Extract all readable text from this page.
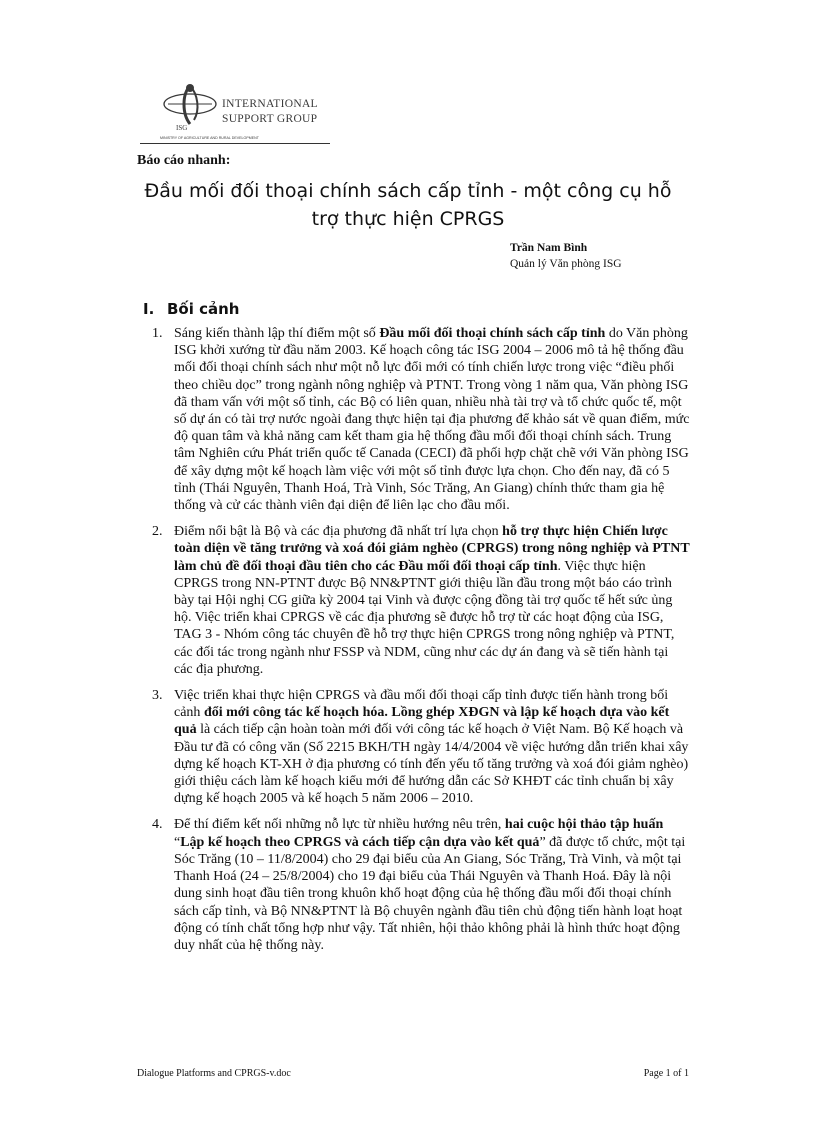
ISG
INTERNATIONAL
SUPPORT GROUP
MINISTRY OF AGRICULTURE AND RURAL DEVELOPMENT
Báo cáo nhanh:
Đầu mối đối thoại chính sách cấp tỉnh - một công cụ hỗ trợ thực hiện CPRGS
Trần Nam Bình
Quản lý Văn phòng ISG
I. Bối cảnh
1. Sáng kiến thành lập thí điểm một số Đầu mối đối thoại chính sách cấp tỉnh do Văn phòng ISG khởi xướng từ đầu năm 2003. Kế hoạch công tác ISG 2004 – 2006 mô tả hệ thống đầu mối đối thoại chính sách như một nỗ lực đổi mới có tính chiến lược trong việc “điều phối theo chiều dọc” trong ngành nông nghiệp và PTNT. Trong vòng 1 năm qua, Văn phòng ISG đã tham vấn với một số tỉnh, các Bộ có liên quan, nhiều nhà tài trợ và tổ chức quốc tế, một số dự án có tài trợ nước ngoài đang thực hiện tại địa phương để khảo sát về quan điểm, mức độ quan tâm và khả năng cam kết tham gia hệ thống đầu mối đối thoại chính sách. Trung tâm Nghiên cứu Phát triển quốc tế Canada (CECI) đã phối hợp chặt chẽ với Văn phòng ISG để xây dựng một kế hoạch làm việc với một số tỉnh được lựa chọn. Cho đến nay, đã có 5 tỉnh (Thái Nguyên, Thanh Hoá, Trà Vinh, Sóc Trăng, An Giang) chính thức tham gia hệ thống và cử các thành viên đại diện để liên lạc cho đầu mối.
2. Điểm nổi bật là Bộ và các địa phương đã nhất trí lựa chọn hỗ trợ thực hiện Chiến lược toàn diện về tăng trưởng và xoá đói giảm nghèo (CPRGS) trong nông nghiệp và PTNT làm chủ đề đối thoại đầu tiên cho các Đầu mối đối thoại cấp tỉnh. Việc thực hiện CPRGS trong NN-PTNT được Bộ NN&PTNT giới thiệu lần đầu trong một báo cáo trình bày tại Hội nghị CG giữa kỳ 2004 tại Vinh và được cộng đồng tài trợ quốc tế hết sức ủng hộ. Việc triển khai CPRGS về các địa phương sẽ được hỗ trợ từ các hoạt động của ISG, TAG 3 - Nhóm công tác chuyên đề hỗ trợ thực hiện CPRGS trong nông nghiệp và PTNT, các đối tác trong ngành như FSSP và NDM, cũng như các dự án đang và sẽ tiến hành tại các địa phương.
3. Việc triển khai thực hiện CPRGS và đầu mối đối thoại cấp tỉnh được tiến hành trong bối cảnh đổi mới công tác kế hoạch hóa. Lồng ghép XĐGN và lập kế hoạch dựa vào kết quả là cách tiếp cận hoàn toàn mới đối với công tác kế hoạch ở Việt Nam. Bộ Kế hoạch và Đầu tư đã có công văn (Số 2215 BKH/TH ngày 14/4/2004 về việc hướng dẫn triển khai xây dựng kế hoạch KT-XH ở địa phương có tính đến yếu tố tăng trưởng và xoá đói giảm nghèo) giới thiệu cách làm kế hoạch kiểu mới để hướng dẫn các Sở KHĐT các tỉnh chuẩn bị xây dựng kế hoạch 2005 và kế hoạch 5 năm 2006 – 2010.
4. Để thí điểm kết nối những nỗ lực từ nhiều hướng nêu trên, hai cuộc hội thảo tập huấn “Lập kế hoạch theo CPRGS và cách tiếp cận dựa vào kết quả” đã được tổ chức, một tại Sóc Trăng (10 – 11/8/2004) cho 29 đại biểu của An Giang, Sóc Trăng, Trà Vinh, và một tại Thanh Hoá (24 – 25/8/2004) cho 19 đại biểu của Thái Nguyên và Thanh Hoá. Đây là nội dung sinh hoạt đầu tiên trong khuôn khổ hoạt động của hệ thống đầu mối đối thoại chính sách cấp tỉnh, và Bộ NN&PTNT là Bộ chuyên ngành đầu tiên chủ động tiến hành loạt hoạt động có tính chất tổng hợp như vậy. Tất nhiên, hội thảo không phải là hình thức hoạt động duy nhất của hệ thống này.
Dialogue Platforms and CPRGS-v.doc	Page 1 of 1
